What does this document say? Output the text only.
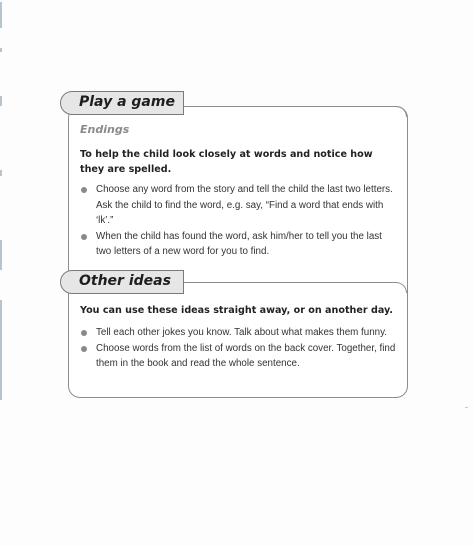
Play a game
Endings
To help the child look closely at words and notice how they are spelled.
Choose any word from the story and tell the child the last two letters. Ask the child to find the word, e.g. say, “Find a word that ends with ‘lk’.”
When the child has found the word, ask him/her to tell you the last two letters of a new word for you to find.
Other ideas
You can use these ideas straight away, or on another day.
Tell each other jokes you know. Talk about what makes them funny.
Choose words from the list of words on the back cover. Together, find them in the book and read the whole sentence.
